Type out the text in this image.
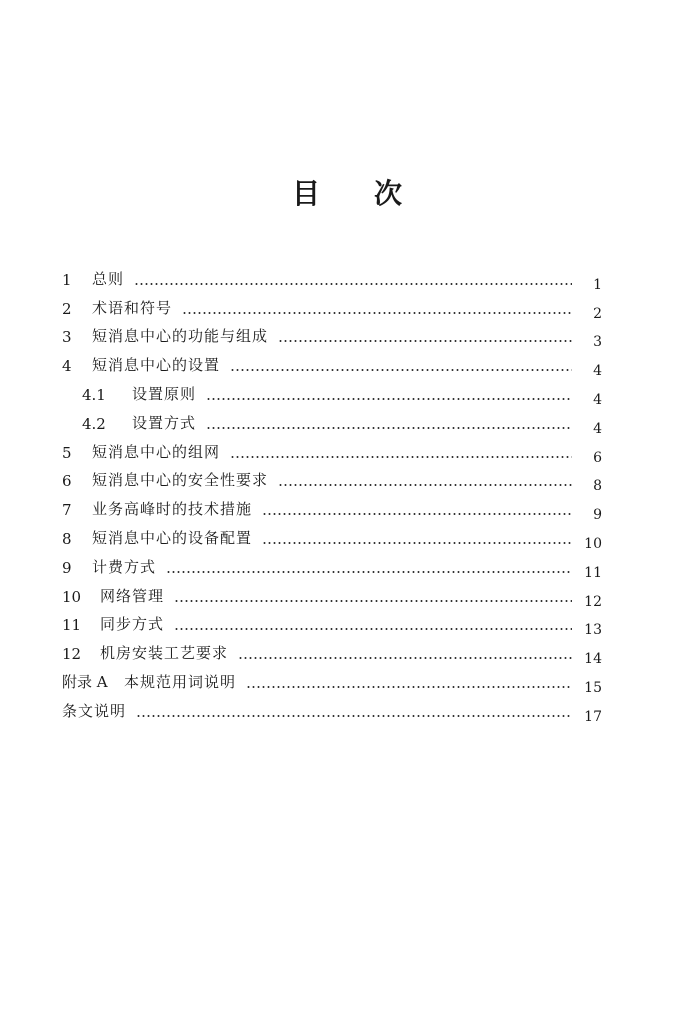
目 次
1	总则	1
2	术语和符号	2
3	短消息中心的功能与组成	3
4	短消息中心的设置	4
4.1	设置原则	4
4.2	设置方式	4
5	短消息中心的组网	6
6	短消息中心的安全性要求	8
7	业务高峰时的技术措施	9
8	短消息中心的设备配置	10
9	计费方式	11
10	网络管理	12
11	同步方式	13
12	机房安装工艺要求	14
附录 A	本规范用词说明	15
条文说明	17
